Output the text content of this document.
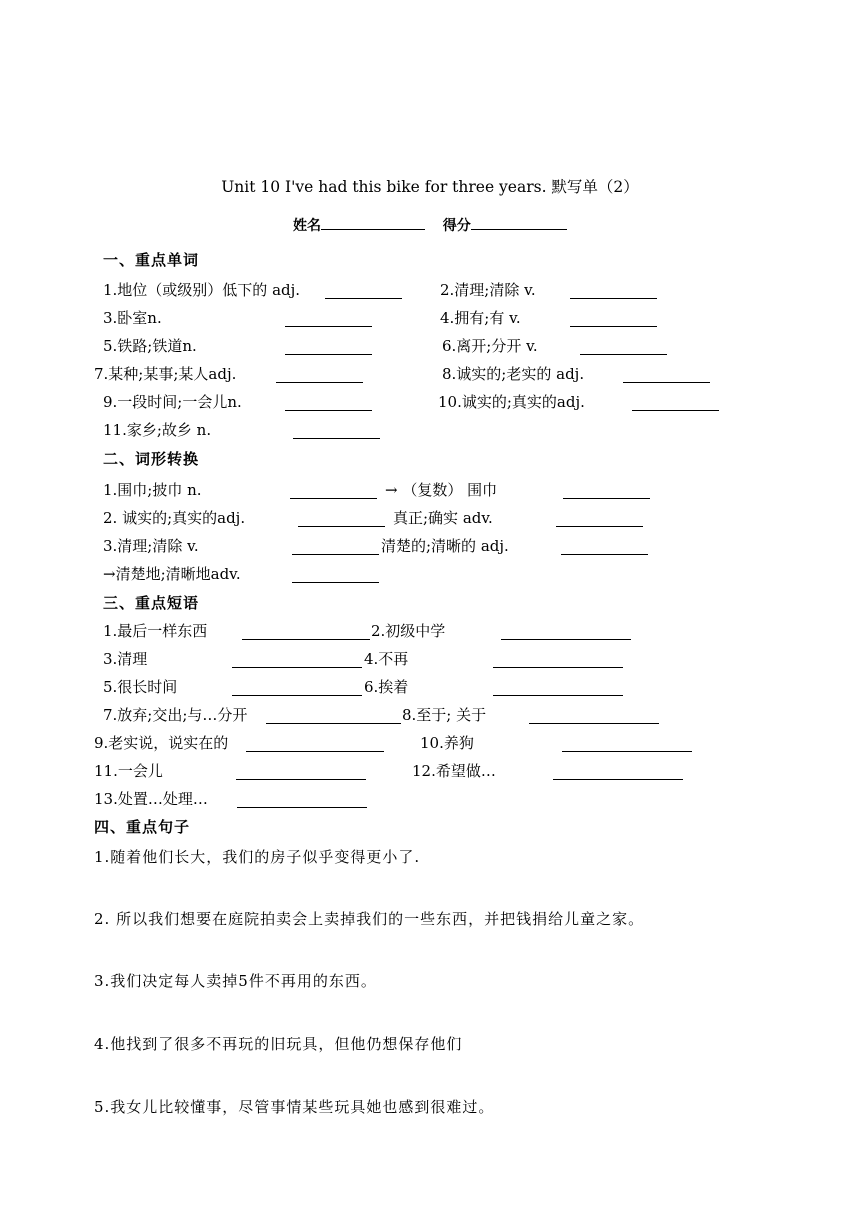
Unit 10 I've had this bike for three years. 默写单（2）
姓名	得分
一、重点单词
1.地位（或级别）低下的 adj.	2.清理;清除 v.
3.卧室n.	4.拥有;有 v.
5.铁路;铁道n.	6.离开;分开 v.
7.某种;某事;某人adj.	8.诚实的;老实的 adj.
9.一段时间;一会儿n.	10.诚实的;真实的adj.
11.家乡;故乡 n.
二、词形转换
1.围巾;披巾 n.	→ （复数） 围巾
2. 诚实的;真实的adj.	真正;确实 adv.
3.清理;清除 v.	清楚的;清晰的 adj.
→清楚地;清晰地adv.
三、重点短语
1.最后一样东西	2.初级中学
3.清理	4.不再
5.很长时间	6.挨着
7.放弃;交出;与…分开	8.至于; 关于
9.老实说，说实在的	10.养狗
11.一会儿	12.希望做…
13.处置…处理…
四、重点句子
1.随着他们长大，我们的房子似乎变得更小了.
2. 所以我们想要在庭院拍卖会上卖掉我们的一些东西，并把钱捐给儿童之家。
3.我们决定每人卖掉5件不再用的东西。
4.他找到了很多不再玩的旧玩具，但他仍想保存他们
5.我女儿比较懂事，尽管事情某些玩具她也感到很难过。
